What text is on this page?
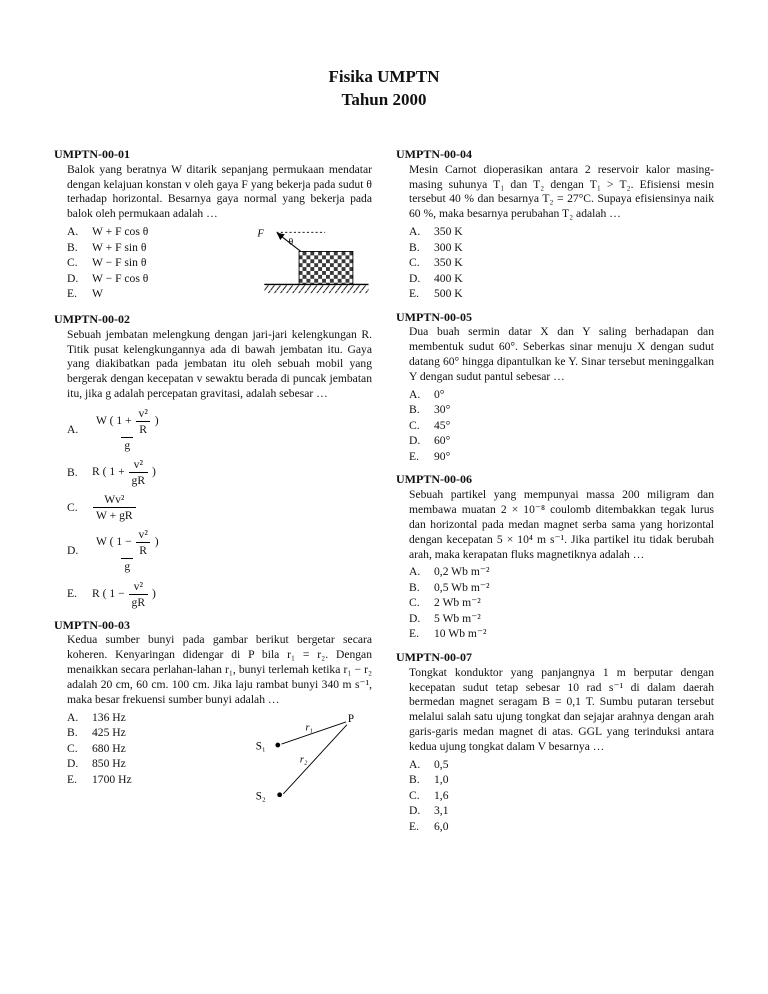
Fisika UMPTN
Tahun 2000
UMPTN-00-01
Balok yang beratnya W ditarik sepanjang permukaan mendatar dengan kelajuan konstan v oleh gaya F yang bekerja pada sudut θ terhadap horizontal. Besarnya gaya normal yang bekerja pada balok oleh permukaan adalah …
F
θ
A.	W + F cos θ
B.	W + F sin θ
C.	W − F sin θ
D.	W − F cos θ
E.	W
UMPTN-00-02
Sebuah jembatan melengkung dengan jari-jari kelengkungan R. Titik pusat kelengkungannya ada di bawah jembatan itu. Gaya yang diakibatkan pada jembatan itu oleh sebuah mobil yang bergerak dengan kecepatan v sewaktu berada di puncak jembatan itu, jika g adalah percepatan gravitasi, adalah sebesar …
A.	$\frac{W ( 1 + \frac{\text{v²}}{R} )}{g}$
B.	R ( $1 + \frac{\text{v²}}{gR}$ )
C.	$\frac{\text{Wv²}}{W + gR}$
D.	$\frac{W ( 1 - \frac{\text{v²}}{R} )}{g}$
E.	R ( $1 - \frac{\text{v²}}{gR}$ )
UMPTN-00-03
Kedua sumber bunyi pada gambar berikut bergetar secara koheren. Kenyaringan didengar di P bila r₁ = r₂. Dengan menaikkan secara perlahan-lahan r₁, bunyi terlemah ketika r₁ − r₂ adalah 20 cm, 60 cm. 100 cm. Jika laju rambat bunyi 340 m s⁻¹, maka besar frekuensi sumber bunyi adalah …
P
S₁
S₂
r₁
r₂
A.	136 Hz
B.	425 Hz
C.	680 Hz
D.	850 Hz
E.	1700 Hz
UMPTN-00-04
Mesin Carnot dioperasikan antara 2 reservoir kalor masing-masing suhunya T₁ dan T₂ dengan T₁ > T₂. Efisiensi mesin tersebut 40 % dan besarnya T₂ = 27°C. Supaya efisiensinya naik 60 %, maka besarnya perubahan T₂ adalah …
A.	350 K
B.	300 K
C.	350 K
D.	400 K
E.	500 K
UMPTN-00-05
Dua buah sermin datar X dan Y saling berhadapan dan membentuk sudut 60°. Seberkas sinar menuju X dengan sudut datang 60° hingga dipantulkan ke Y. Sinar tersebut meninggalkan Y dengan sudut pantul sebesar …
A.	0°
B.	30°
C.	45°
D.	60°
E.	90°
UMPTN-00-06
Sebuah partikel yang mempunyai massa 200 miligram dan membawa muatan 2 × 10⁻⁸ coulomb ditembakkan tegak lurus dan horizontal pada medan magnet serba sama yang horizontal dengan kecepatan 5 × 10⁴ m s⁻¹. Jika partikel itu tidak berubah arah, maka kerapatan fluks magnetiknya adalah …
A.	0,2 Wb m⁻²
B.	0,5 Wb m⁻²
C.	2 Wb m⁻²
D.	5 Wb m⁻²
E.	10 Wb m⁻²
UMPTN-00-07
Tongkat konduktor yang panjangnya 1 m berputar dengan kecepatan sudut tetap sebesar 10 rad s⁻¹ di dalam daerah bermedan magnet seragam B = 0,1 T. Sumbu putaran tersebut melalui salah satu ujung tongkat dan sejajar arahnya dengan arah garis-garis medan magnet di atas. GGL yang terinduksi antara kedua ujung tongkat dalam V besarnya …
A.	0,5
B.	1,0
C.	1,6
D.	3,1
E.	6,0
